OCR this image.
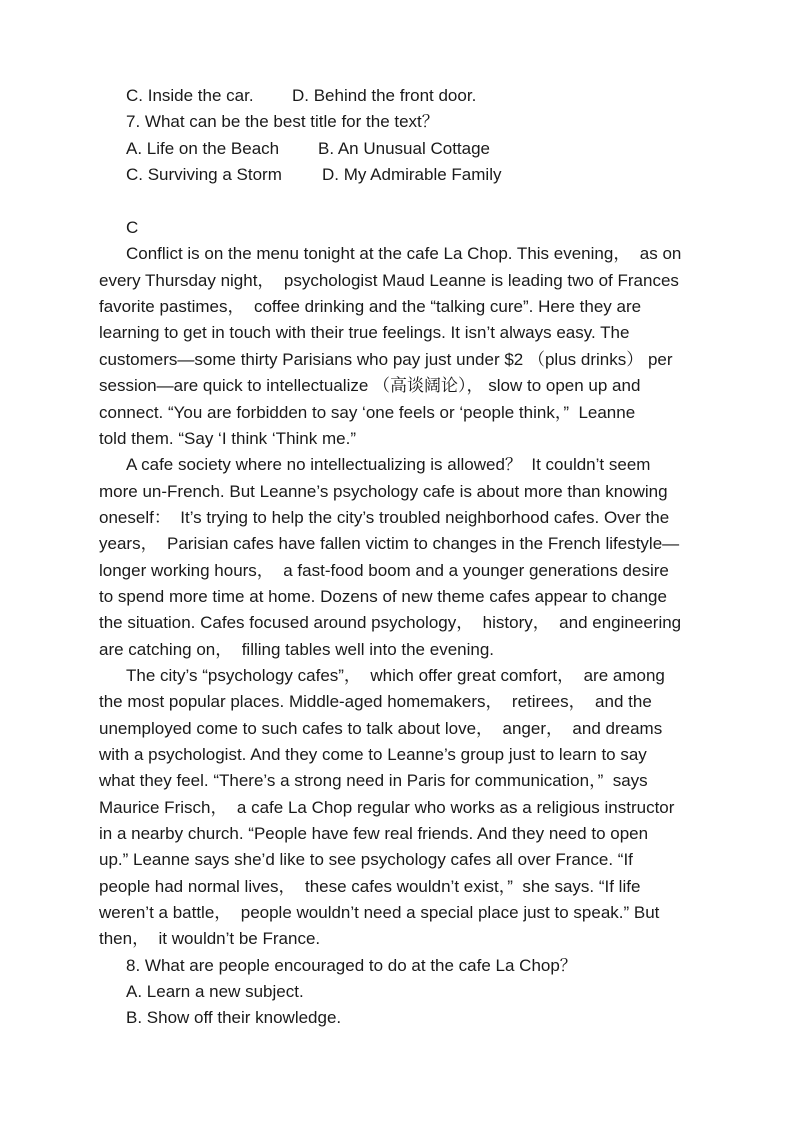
C. Inside the car. D. Behind the front door.
7. What can be the best title for the text？
A. Life on the Beach B. An Unusual Cottage
C. Surviving a Storm D. My Admirable Family
C
Conflict is on the menu tonight at the cafe La Chop. This evening，  as on
every Thursday night，  psychologist Maud Leanne is leading two of Frances
favorite pastimes，  coffee drinking and the “talking cure”. Here they are
learning to get in touch with their true feelings. It isn’t always easy. The
customers—some thirty Parisians who pay just under $2 （plus drinks） per
session—are quick to intellectualize （高谈阔论）， slow to open up and
connect. “You are forbidden to say ‘one feels or ‘people think，”  Leanne
told them. “Say ‘I think ‘Think me.”
A cafe society where no intellectualizing is allowed？  It couldn’t seem
more un-French. But Leanne’s psychology cafe is about more than knowing
oneself：  It’s trying to help the city’s troubled neighborhood cafes. Over the
years，  Parisian cafes have fallen victim to changes in the French lifestyle—
longer working hours，  a fast-food boom and a younger generations desire
to spend more time at home. Dozens of new theme cafes appear to change
the situation. Cafes focused around psychology，  history，  and engineering
are catching on，  filling tables well into the evening.
The city’s “psychology cafes”，  which offer great comfort，  are among
the most popular places. Middle-aged homemakers，  retirees，  and the
unemployed come to such cafes to talk about love，  anger，  and dreams
with a psychologist. And they come to Leanne’s group just to learn to say
what they feel. “There’s a strong need in Paris for communication，”  says
Maurice Frisch，  a cafe La Chop regular who works as a religious instructor
in a nearby church. “People have few real friends. And they need to open
up.” Leanne says she’d like to see psychology cafes all over France. “If
people had normal lives，  these cafes wouldn’t exist，”  she says. “If life
weren’t a battle，  people wouldn’t need a special place just to speak.” But
then，  it wouldn’t be France.
8. What are people encouraged to do at the cafe La Chop？
A. Learn a new subject.
B. Show off their knowledge.
